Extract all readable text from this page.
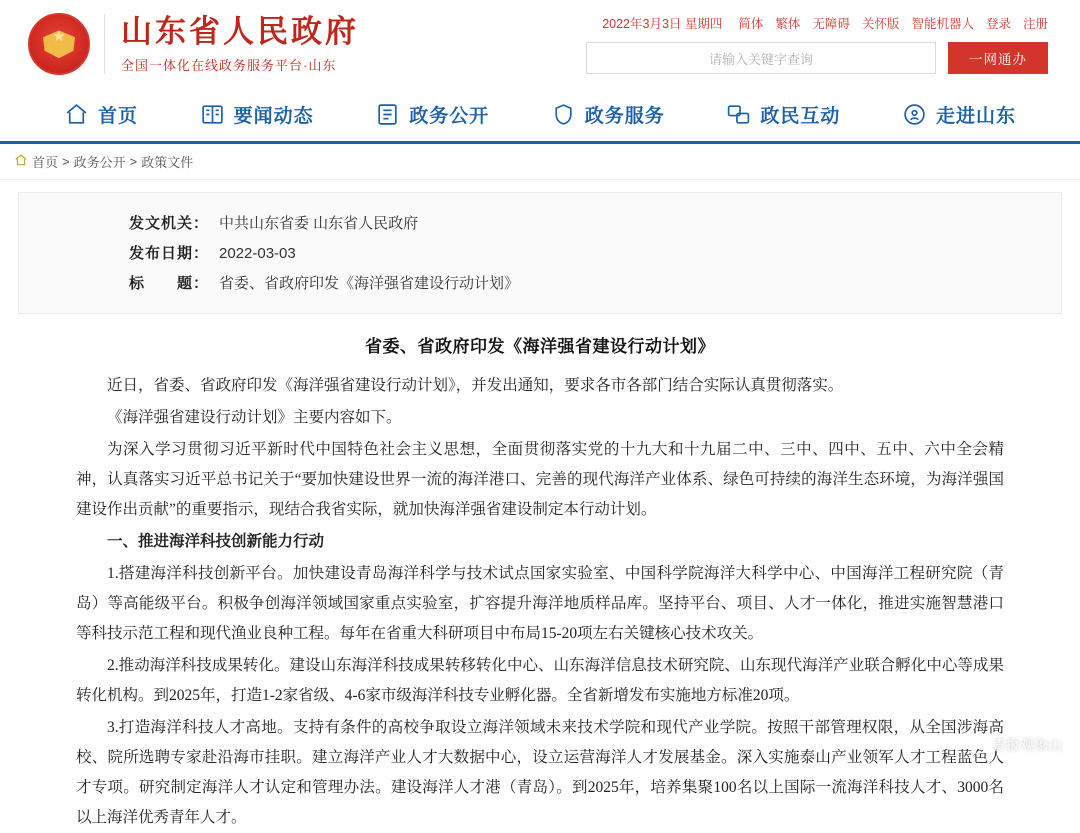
★ 山东省人民政府
全国一体化在线政务服务平台·山东
2022年3月3日 星期四 简体 繁体 无障碍 关怀版 智能机器人 登录 注册
请输入关键字查询	一网通办
首页	要闻动态	政务公开	政务服务	政民互动	走进山东
首页 > 政务公开 > 政策文件
发文机关： 中共山东省委 山东省人民政府
发布日期： 2022-03-03
标　　题： 省委、省政府印发《海洋强省建设行动计划》
省委、省政府印发《海洋强省建设行动计划》

近日，省委、省政府印发《海洋强省建设行动计划》，并发出通知，要求各市各部门结合实际认真贯彻落实。

《海洋强省建设行动计划》主要内容如下。

为深入学习贯彻习近平新时代中国特色社会主义思想，全面贯彻落实党的十九大和十九届二中、三中、四中、五中、六中全会精神，认真落实习近平总书记关于“要加快建设世界一流的海洋港口、完善的现代海洋产业体系、绿色可持续的海洋生态环境，为海洋强国建设作出贡献”的重要指示，现结合我省实际，就加快海洋强省建设制定本行动计划。

一、推进海洋科技创新能力行动

1.搭建海洋科技创新平台。加快建设青岛海洋科学与技术试点国家实验室、中国科学院海洋大科学中心、中国海洋工程研究院（青岛）等高能级平台。积极争创海洋领域国家重点实验室，扩容提升海洋地质样品库。坚持平台、项目、人才一体化，推进实施智慧港口等科技示范工程和现代渔业良种工程。每年在省重大科研项目中布局15-20项左右关键核心技术攻关。

2.推动海洋科技成果转化。建设山东海洋科技成果转移转化中心、山东海洋信息技术研究院、山东现代海洋产业联合孵化中心等成果转化机构。到2025年，打造1-2家省级、4-6家市级海洋科技专业孵化器。全省新增发布实施地方标准20项。

3.打造海洋科技人才高地。支持有条件的高校争取设立海洋领域未来技术学院和现代产业学院。按照干部管理权限，从全国涉海高校、院所选聘专家赴沿海市挂职。建立海洋产业人才大数据中心，设立运营海洋人才发展基金。深入实施泰山产业领军人才工程蓝色人才专项。研究制定海洋人才认定和管理办法。建设海洋人才港（青岛）。到2025年，培养集聚100名以上国际一流海洋科技人才、3000名以上海洋优秀青年人才。

青报观象山
